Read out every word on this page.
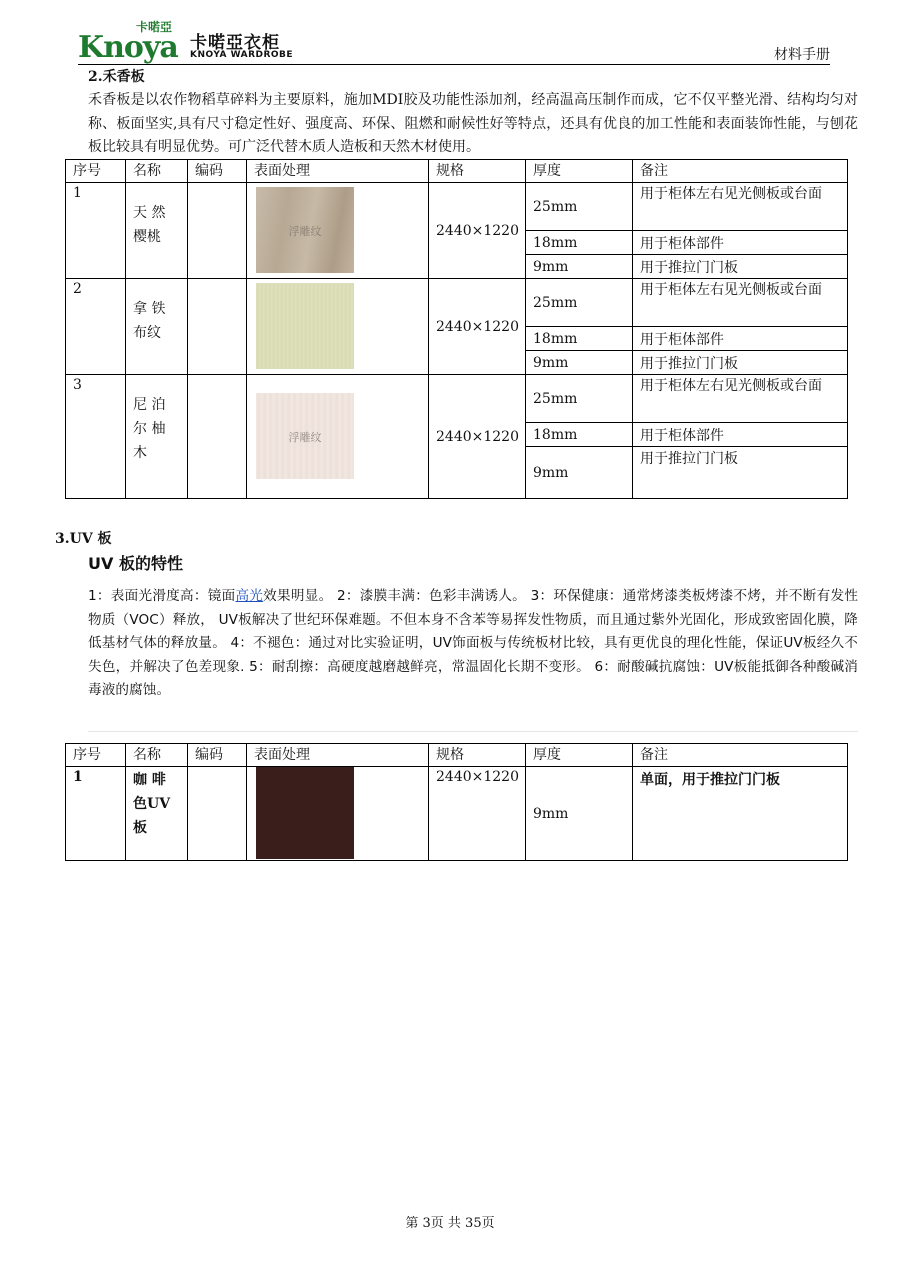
卡喏亞
Knoya 卡喏亞衣柜
KNOYA WARDROBE	材料手册
2.禾香板
禾香板是以农作物稻草碎料为主要原料，施加MDI胶及功能性添加剂，经高温高压制作而成，它不仅平整光滑、结构均匀对称、板面坚实,具有尺寸稳定性好、强度高、环保、阻燃和耐候性好等特点，还具有优良的加工性能和表面装饰性能，与刨花板比较具有明显优势。可广泛代替木质人造板和天然木材使用。
序号	名称	编码	表面处理	规格	厚度	备注
1	天 然 樱桃		浮雕纹	2440×1220	25mm	用于柜体左右见光侧板或台面
					18mm	用于柜体部件
					9mm	用于推拉门门板
2	拿 铁 布纹			2440×1220	25mm	用于柜体左右见光侧板或台面
					18mm	用于柜体部件
					9mm	用于推拉门门板
3	尼 泊 尔 柚 木		浮雕纹	2440×1220	25mm	用于柜体左右见光侧板或台面
					18mm	用于柜体部件
					9mm	用于推拉门门板
3.UV 板
UV 板的特性
1：表面光滑度高：镜面高光效果明显。 2：漆膜丰满：色彩丰满诱人。 3：环保健康：通常烤漆类板烤漆不烤，并不断有发性物质（VOC）释放， UV板解决了世纪环保难题。不但本身不含苯等易挥发性物质，而且通过紫外光固化，形成致密固化膜，降低基材气体的释放量。 4：不褪色：通过对比实验证明，UV饰面板与传统板材比较，具有更优良的理化性能，保证UV板经久不失色，并解决了色差现象. 5：耐刮擦：高硬度越磨越鲜亮，常温固化长期不变形。 6：耐酸碱抗腐蚀：UV板能抵御各种酸碱消毒液的腐蚀。
序号	名称	编码	表面处理	规格	厚度	备注
1	咖 啡 色UV 板			2440×1220	9mm	单面，用于推拉门门板
第 3页 共 35页
